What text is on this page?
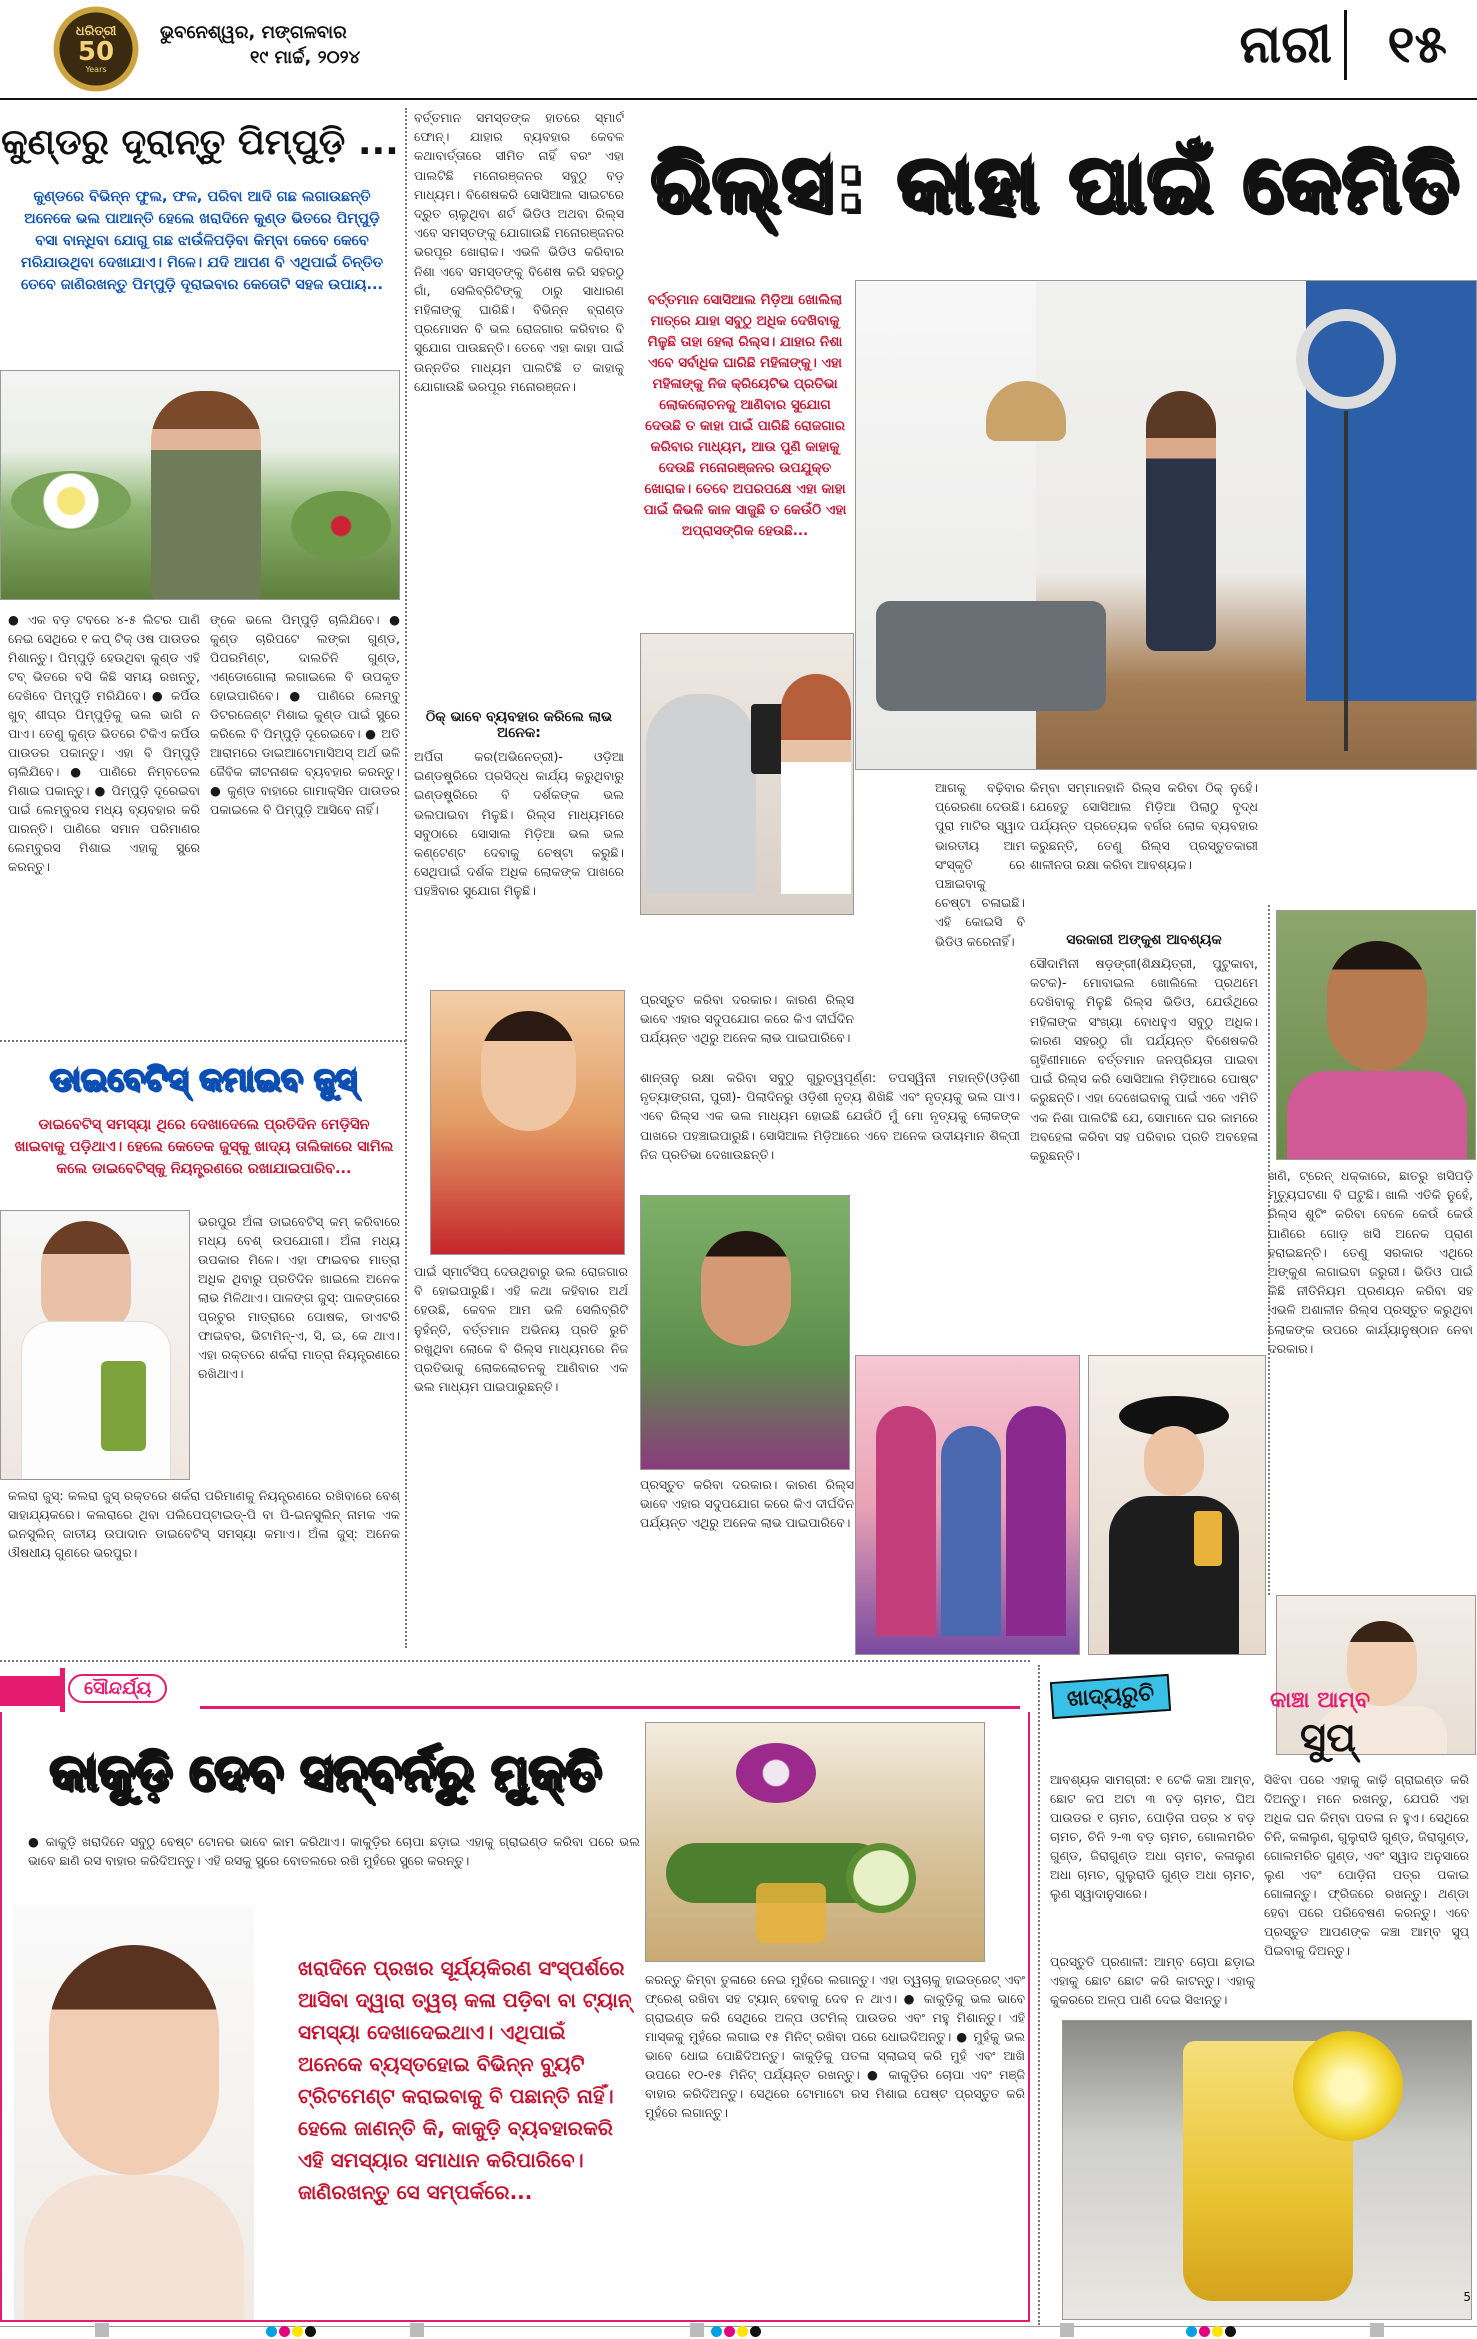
ଧରିତ୍ରୀ
50
Years
ଭୁବନେଶ୍ୱର, ମଙ୍ଗଳବାର
୧୯ ମାର୍ଚ୍ଚ, ୨୦୨୪	ନାରୀ ୧୫
କୁଣ୍ଡରୁ ଦୂରାନ୍ତୁ ପିମ୍ପୁଡ଼ି ...
କୁଣ୍ଡରେ ବିଭିନ୍ନ ଫୁଲ, ଫଳ, ପରିବା ଆଦି ଗଛ ଲଗାଉଛନ୍ତି ଅନେକେ ଭଲ ପାଆନ୍ତି ହେଲେ ଖରାଦିନେ କୁଣ୍ଡ ଭିତରେ ପିମ୍ପୁଡ଼ି ବସା ବାନ୍ଧିବା ଯୋଗୁ ଗଛ ଝାଉଁଳିପଡ଼ିବା କିମ୍ବା କେବେ କେବେ ମରିଯାଉଥିବା ଦେଖାଯାଏ। ମିଳେ। ଯଦି ଆପଣ ବି ଏଥିପାଇଁ ଚିନ୍ତିତ ତେବେ ଜାଣିରଖନ୍ତୁ ପିମ୍ପୁଡ଼ି ଦୂରାଇବାର କେତୋଟି ସହଜ ଉପାୟ...
● ଏକ ବଡ଼ ଟବରେ ୪-୫ ଲିଟର ପାଣି ନେଇ ସେଥିରେ ୧ କପ୍‌ ଟିକ୍‌ ଓଷ ପାଉଡର ମିଶାନ୍ତୁ। ପିମ୍ପୁଡ଼ି ହେଉଥିବା କୁଣ୍ଡ ଏହି ଟବ୍‌ ଭିତରେ ବସି କିଛି ସମୟ ରଖନ୍ତୁ, ଦେଖିବେ ପିମ୍ପୁଡ଼ି ମରିଯିବେ। ● କର୍ପିଉ ଖୁବ୍‌ ଶୀଘ୍ର ପିମ୍ପୁଡ଼ିକୁ ଭଲ ଭାଗି ନ ପାଏ। ତେଣୁ କୁଣ୍ଡ ଭିତରେ ଟିକିଏ କର୍ପିଉ ପାଉଡର ପକାନ୍ତୁ। ଏହା ବି ପିମ୍ପୁଡ଼ି ଚାଲିଯିବେ। ● ପାଣିରେ ନିମ୍ବତେଲ ମିଶାଇ ପକାନ୍ତୁ। ● ପିମ୍ପୁଡ଼ି ଦୂରେଇବା ପାଇଁ ଲେମ୍ବୁରସ ମଧ୍ୟ ବ୍ୟବହାର କରି ପାରନ୍ତି। ପାଣିରେ ସମାନ ପରିମାଣର ଲେମ୍ବୁରସ ମିଶାଇ ଏହାକୁ ସ୍ପ୍ରେ କରନ୍ତୁ।
ଙ୍କେ ଭଲେ ପିମ୍ପୁଡ଼ି ଚାଲିଯିବେ। ● କୁଣ୍ଡ ଚାରିପଟେ ଲଙ୍କା ଗୁଣ୍ଡ, ପିପରମିଣ୍ଟ, ଦାଲଚିନି ଗୁଣ୍ଡ, ଏଣ୍ଡୋଗୋଲା ଲଗାଇଲେ ବି ଉପକୃତ ହୋଇପାରିବେ। ● ପାଣିରେ ଲେମ୍ବୁ ଡିଟରଜେଣ୍ଟ ମିଶାଇ କୁଣ୍ଡ ପାଇଁ ସ୍ପ୍ରେ କରିଲେ ବି ପିମ୍ପୁଡ଼ି ଦୂରେଇବେ। ● ଅତି ଆରାମରେ ଡାଇଆଟୋମାସିଅସ୍‌ ଅର୍ଥ ଭଳି ଜୈବିକ କୀଟନାଶକ ବ୍ୟବହାର କରନ୍ତୁ। ● କୁଣ୍ଡ ବାହାରେ ଗାମାକ୍ସିନ ପାଉଡର ପକାଇଲେ ବି ପିମ୍ପୁଡ଼ି ଆସିବେ ନାହିଁ।
ଡାଇବେଟିସ୍‌ କମାଇବ ଜୁସ୍‌
ଡାଇବେଟିସ୍‌ ସମସ୍ୟା ଥିରେ ଦେଖାଦେଲେ ପ୍ରତିଦିନ ମେଡ଼ିସିନ ଖାଇବାକୁ ପଡ଼ିଥାଏ। ହେଲେ କେତେକ ଜୁସ୍‌କୁ ଖାଦ୍ୟ ତାଲିକାରେ ସାମିଲ କଲେ ଡାଇବେଟିସ୍‌କୁ ନିୟନ୍ତ୍ରଣରେ ରଖାଯାଇପାରିବ...
ଭରପୁର ଅଁଳା ଡାଇବେଟିସ୍‌ କମ୍‌ କରିବାରେ ମଧ୍ୟ ବେଶ୍‌ ଉପଯୋଗୀ। ଅଁଳା ମଧ୍ୟ ଉପକାର ମିଳେ। ଏହା ଫାଇବର ମାତ୍ରା ଅଧିକ ଥିବାରୁ ପ୍ରତିଦିନ ଖାଇଲେ ଅନେକ ଲାଭ ମିଳିଥାଏ। ପାଳଙ୍ଗ ଜୁସ୍‌: ପାଳଙ୍ଗରେ ପ୍ରଚୁର ମାତ୍ରାରେ ପୋଷକ, ଡାଏଟରି ଫାଇବର, ଭିଟାମିନ୍‌-ଏ, ସି, ଇ, କେ ଥାଏ। ଏହା ରକ୍ତରେ ଶର୍କରା ମାତ୍ରା ନିୟନ୍ତ୍ରଣରେ ରଖିଥାଏ।
କଲରା ଜୁସ୍‌: କଲରା ଜୁସ୍‌ ରକ୍ତରେ ଶର୍କରା ପରିମାଣକୁ ନିୟନ୍ତ୍ରଣରେ ରଖିବାରେ ବେଶ୍‌ ସାହାଯ୍ୟକରେ। କଲରାରେ ଥିବା ପଲିପେପ୍‌ଟାଇଡ୍‌-ପି ବା ପି-ଇନସୁଲିନ୍‌ ନାମକ ଏକ ଇନସୁଲିନ୍‌ ଜାତୀୟ ଉପାଦାନ ଡାଇବେଟିସ୍‌ ସମସ୍ୟା କମାଏ। ଅଁଳା ଜୁସ୍‌: ଅନେକ ଔଷଧୀୟ ଗୁଣରେ ଭରପୁର।
ବର୍ତ୍ତମାନ ସମସ୍ତଙ୍କ ହାତରେ ସ୍ମାର୍ଟ ଫୋନ୍‌। ଯାହାର ବ୍ୟବହାର କେବଳ କଥାବାର୍ତ୍ତାରେ ସୀମିତ ନାହିଁ ବରଂ ଏହା ପାଲଟିଛି ମନୋରଞ୍ଜନର ସବୁଠୁ ବଡ଼ ମାଧ୍ୟମ। ବିଶେଷକରି ସୋସିଆଲ ସାଇଟରେ ଦ୍ରୁତ ଚାଲୁଥିବା ଶର୍ଟ ଭିଡିଓ ଅଥବା ରିଲ୍ସ ଏବେ ସମସ୍ତଙ୍କୁ ଯୋଗାଉଛି ମନୋରଞ୍ଜନର ଭରପୂର ଖୋରାକ। ଏଭଳି ଭିଡିଓ କରିବାର ନିଶା ଏବେ ସମସ୍ତଙ୍କୁ ବିଶେଷ କରି ସହରଠୁ ଗାଁ, ସେଲିବ୍ରିଟିଙ୍କୁ ଠାରୁ ସାଧାରଣ ମହିଳାଙ୍କୁ ଘାରିଛି। ବିଭିନ୍ନ ବ୍ରାଣ୍ଡ ପ୍ରମୋସନ ବି ଭଲ ରୋଜଗାର କରିବାର ବି ସୁଯୋଗ ପାଉଛନ୍ତି। ତେବେ ଏହା କାହା ପାଇଁ ଉନ୍ନତିର ମାଧ୍ୟମ ପାଲଟିଛି ତ କାହାକୁ ଯୋଗାଉଛି ଭରପୂର ମନୋରଞ୍ଜନ।
ଠିକ୍‌ ଭାବେ ବ୍ୟବହାର କରିଲେ ଲାଭ ଅନେକ:
ଅର୍ପିତା କର(ଅଭିନେତ୍ରୀ)- ଓଡ଼ିଆ ଇଣ୍ଡଷ୍ଟ୍ରିରେ ପ୍ରସିଦ୍ଧ କାର୍ଯ୍ୟ କରୁଥିବାରୁ ଇଣ୍ଡଷ୍ଟ୍ରିରେ ବି ଦର୍ଶକଙ୍କ ଭଲ ଭଲପାଇବା ମିଳୁଛି। ରିଲ୍ସ ମାଧ୍ୟମରେ ସବୁଠାରେ ସୋସାଲ ମିଡ଼ିଆ ଭଲ ଭଲ କଣ୍ଟେଣ୍ଟ ଦେବାକୁ ଚେଷ୍ଟା କରୁଛି। ସେଥିପାଇଁ ଦର୍ଶକ ଅଧିକ ଲୋକଙ୍କ ପାଖରେ ପହଞ୍ଚିବାର ସୁଯୋଗ ମିଳୁଛି।
ରିଲ୍ସ: କାହା ପାଇଁ କେମିତି
ବର୍ତ୍ତମାନ ସୋସିଆଲ ମିଡ଼ିଆ ଖୋଲିଲା ମାତ୍ରେ ଯାହା ସବୁଠୁ ଅଧିକ ଦେଖିବାକୁ ମିଳୁଛି ତାହା ହେଲା ରିଲ୍ସ। ଯାହାର ନିଶା ଏବେ ସର୍ବାଧିକ ଘାରିଛି ମହିଳାଙ୍କୁ। ଏହା ମହିଳାଙ୍କୁ ନିଜ କ୍ରିୟେଟିଭ ପ୍ରତିଭା ଲୋକଲୋଚନକୁ ଆଣିବାର ସୁଯୋଗ ଦେଉଛି ତ କାହା ପାଇଁ ପାରିଛି ରୋଜଗାର କରିବାର ମାଧ୍ୟମ, ଆଉ ପୁଣି କାହାକୁ ଦେଉଛି ମନୋରଞ୍ଜନର ଉପଯୁକ୍ତ ଖୋରାକ। ତେବେ ଅପରପକ୍ଷେ ଏହା କାହା ପାଇଁ କିଭଳି କାଳ ସାଜୁଛି ତ କେଉଁଠି ଏହା ଅପ୍ରାସଙ୍ଗିକ ହେଉଛି...
ପାଇଁ ସ୍ମାର୍ଟସିପ୍‌ ଦେଉଥିବାରୁ ଭଲ ରୋଜଗାର ବି ହୋଇପାରୁଛି। ଏହି କଥା କହିବାର ଅର୍ଥ ହେଉଛି, କେବଳ ଆମ ଭଳି ସେଲିବ୍ରିଟି ନୁହଁନ୍ତି, ବର୍ତ୍ତମାନ ଅଭିନୟ ପ୍ରତି ରୁଚି ରଖୁଥିବା ଲୋକେ ବି ରିଲ୍ସ ମାଧ୍ୟମରେ ନିଜ ପ୍ରତିଭାକୁ ଲୋକଲୋଚନକୁ ଆଣିବାର ଏକ ଭଲ ମାଧ୍ୟମ ପାଇପାରୁଛନ୍ତି।
ଆଗକୁ ବଢ଼ିବାର ପ୍ରେରଣା ଦେଉଛି। ପୁରା ମାଟିର ସ୍ୱାଦ ଭାରତୀୟ ଆମ ସଂସ୍କୃତି ରେ ପଞ୍ଚାଇବାକୁ ଚେଷ୍ଟା ଚଳାଇଛି। ଏହି କୋଇସି ବି ଭିଡିଓ କରେନାହିଁ।
କିମ୍ବା ସମ୍ମାନହାନି ରିଲ୍ସ କରିବା ଠିକ୍‌ ନୁହେଁ। ଯେହେତୁ ସୋସିଆଲ ମିଡ଼ିଆ ପିଲାଠୁ ବୃଦ୍ଧ ପର୍ଯ୍ୟନ୍ତ ପ୍ରତ୍ୟେକ ବର୍ଗର ଲୋକ ବ୍ୟବହାର କରୁଛନ୍ତି, ତେଣୁ ରିଲ୍ସ ପ୍ରସ୍ତୁତକାରୀ ଶାଳୀନତା ରକ୍ଷା କରିବା ଆବଶ୍ୟକ।
ସରକାରୀ ଅଙ୍କୁଶ ଆବଶ୍ୟକ
ସୌଦାମିନୀ ଷଡ଼ଙ୍ଗୀ(ଶିକ୍ଷୟିତ୍ରୀ, ପୁଟୁକାବା, କଟକ)- ମୋବାଇଲ ଖୋଲିଲେ ପ୍ରଥମେ ଦେଖିବାକୁ ମିଳୁଛି ରିଲ୍ସ ଭିଡିଓ, ଯେଉଁଥିରେ ମହିଳାଙ୍କ ସଂଖ୍ୟା ବୋଧହୁଏ ସବୁଠୁ ଅଧିକ। କାରଣ ସହରଠୁ ଗାଁ ପର୍ଯ୍ୟନ୍ତ ବିଶେଷକରି ଗୃହିଣୀମାନେ ବର୍ତ୍ତମାନ ଜନପ୍ରିୟତା ପାଇବା ପାଇଁ ରିଲ୍ସ କରି ସୋସିଆଲ ମିଡ଼ିଆରେ ପୋଷ୍ଟ କରୁଛନ୍ତି। ଏହା ଦେଖେଇବାକୁ ପାଇଁ ଏବେ ଏମିତି ଏକ ନିଶା ପାଲଟିଛି ଯେ, ସୋମାନେ ଘର କାମରେ ଅବହେଳା କରିବା ସହ ପରିବାର ପ୍ରତି ଅବହେଳା କରୁଛନ୍ତି।
ପ୍ରସ୍ତୁତ କରିବା ଦରକାର। କାରଣ ରିଲ୍ସ ଭାବେ ଏହାର ସଦୁପଯୋଗ କରେ କିଏ ଦୀର୍ଘଦିନ ପର୍ଯ୍ୟନ୍ତ ଏଥିରୁ ଅନେକ ଲାଭ ପାଇପାରିବେ।
ଶାନ୍ତାନୁ ରକ୍ଷା କରିବା ସବୁଠୁ ଗୁରୁତ୍ୱପୂର୍ଣ୍ଣ: ତପସ୍ୱିନୀ ମହାନ୍ତି(ଓଡ଼ିଶୀ ନୃତ୍ୟାଙ୍ଗନା, ପୁରୀ)- ପିଲାଦିନରୁ ଓଡ଼ିଶୀ ନୃତ୍ୟ ଶିଖିଛି ଏବଂ ନୃତ୍ୟକୁ ଭଲ ପାଏ। ଏବେ ରିଲ୍ସ ଏକ ଭଲ ମାଧ୍ୟମ ହୋଇଛି ଯେଉଁଠି ମୁଁ ମୋ ନୃତ୍ୟକୁ ଲୋକଙ୍କ ପାଖରେ ପହଞ୍ଚାଇପାରୁଛି। ସୋସିଆଲ ମିଡ଼ିଆରେ ଏବେ ଅନେକ ଉଦୀୟମାନ ଶିଳ୍ପୀ ନିଜ ପ୍ରତିଭା ଦେଖାଉଛନ୍ତି।
ପ୍ରସ୍ତୁତ କରିବା ଦରକାର। କାରଣ ରିଲ୍ସ ଭାବେ ଏହାର ସଦୁପଯୋଗ କରେ କିଏ ଦୀର୍ଘଦିନ ପର୍ଯ୍ୟନ୍ତ ଏଥିରୁ ଅନେକ ଲାଭ ପାଇପାରିବେ।
ଖଣି, ଟ୍ରେନ୍‌ ଧକ୍କାରେ, ଛାତରୁ ଖସିପଡ଼ି ମୃତ୍ୟୁଘଟଣା ବି ଘଟୁଛି। ଖାଲି ଏତିକି ନୁହେଁ, ରିଲ୍ସ ଶୁଟିଂ କରିବା ବେଳେ କେଉଁ କେଉଁ ପାଣିରେ ଗୋଡ଼ ଖସି ଅନେକ ପ୍ରାଣ ହରାଇଛନ୍ତି। ତେଣୁ ସରକାର ଏଥିରେ ଅଙ୍କୁଶ ଲଗାଇବା ଜରୁରୀ। ଭିଡିଓ ପାଇଁ କିଛି ନୀତିନିୟମ ପ୍ରଣୟନ କରିବା ସହ ଏଭଳି ଅଶାଳୀନ ରିଲ୍ସ ପ୍ରସ୍ତୁତ କରୁଥିବା ଲୋକଙ୍କ ଉପରେ କାର୍ଯ୍ୟାନୁଷ୍ଠାନ ନେବା ଦରକାର।
ସୌନ୍ଦର୍ଯ୍ୟ
କାକୁଡ଼ି ଦେବ ସନ୍‌ବର୍ନରୁ ମୁକ୍ତି
● କାକୁଡ଼ି ଖରାଦିନେ ସବୁଠୁ ବେଷ୍ଟ ଟୋନର ଭାବେ କାମ କରିଥାଏ। କାକୁଡ଼ିର ଚୋପା ଛଡ଼ାଇ ଏହାକୁ ଗ୍ରାଇଣ୍ଡ କରିବା ପରେ ଭଲ ଭାବେ ଛାଣି ରସ ବାହାର କରିଦିଅନ୍ତୁ। ଏହି ରସକୁ ସ୍ପ୍ରେ ବୋତଲରେ ରଖି ମୁହଁରେ ସ୍ପ୍ରେ କରନ୍ତୁ।
ଖରାଦିନେ ପ୍ରଖର ସୂର୍ଯ୍ୟକିରଣ ସଂସ୍ପର୍ଶରେ ଆସିବା ଦ୍ୱାରା ତ୍ୱଚା କଳା ପଡ଼ିବା ବା ଟ୍ୟାନ୍‌ ସମସ୍ୟା ଦେଖାଦେଇଥାଏ। ଏଥିପାଇଁ ଅନେକେ ବ୍ୟସ୍ତହୋଇ ବିଭିନ୍ନ ବ୍ୟୁଟି ଟ୍ରିଟମେଣ୍ଟ କରାଇବାକୁ ବି ପଛାନ୍ତି ନାହିଁ। ହେଲେ ଜାଣନ୍ତି କି, କାକୁଡ଼ି ବ୍ୟବହାରକରି ଏହି ସମସ୍ୟାର ସମାଧାନ କରିପାରିବେ। ଜାଣିରଖନ୍ତୁ ସେ ସମ୍ପର୍କରେ...
କରନ୍ତୁ କିମ୍ବା ତୁଳାରେ ନେଇ ମୁହଁରେ ଲଗାନ୍ତୁ। ଏହା ତ୍ୱଚାକୁ ହାଇଡ୍ରେଟ୍‌ ଏବଂ ଫ୍ରେଶ୍‌ ରଖିବା ସହ ଟ୍ୟାନ୍‌ ହେବାକୁ ଦେବ ନ ଥାଏ। ● କାକୁଡ଼ିକୁ ଭଲ ଭାବେ ଗ୍ରାଇଣ୍ଡ କରି ସେଥିରେ ଅଳ୍ପ ଓଟମିଲ୍‌ ପାଉଡର ଏବଂ ମହୁ ମିଶାନ୍ତୁ। ଏହି ମାସ୍କକୁ ମୁହଁରେ ଲଗାଇ ୧୫ ମିନିଟ୍‌ ରଖିବା ପରେ ଧୋଇଦିଅନ୍ତୁ। ● ମୁହଁକୁ ଭଲ ଭାବେ ଧୋଇ ପୋଛିଦିଅନ୍ତୁ। କାକୁଡ଼ିକୁ ପତଳା ସ୍ଲାଇସ୍‌ କରି ମୁହଁ ଏବଂ ଆଖି ଉପରେ ୧୦-୧୫ ମିନିଟ୍‌ ପର୍ଯ୍ୟନ୍ତ ରଖନ୍ତୁ। ● କାକୁଡ଼ିର ଚୋପା ଏବଂ ମଞ୍ଜି ବାହାର କରିଦିଅନ୍ତୁ। ସେଥିରେ ଟୋମାଟୋ ରସ ମିଶାଇ ପେଷ୍ଟ ପ୍ରସ୍ତୁତ କରି ମୁହଁରେ ଲଗାନ୍ତୁ।
ଖାଦ୍ୟରୁଚି	କାଞ୍ଚା ଆମ୍ବ
ସୁପ୍‌
ଆବଶ୍ୟକ ସାମଗ୍ରୀ: ୧ ଟେକି କଞ୍ଚା ଆମ୍ବ, ଛୋଟ କପ ଅଟା ୩ ବଡ଼ ଚାମଚ, ଘିଅ ପାଉଡର ୧ ଚାମଚ, ପୋଡ଼ିନା ପତ୍ର ୪ ବଡ଼ ଚାମଚ, ଚିନି ୨-୩ ବଡ଼ ଚାମଚ, ଗୋଲମରିଚ ଗୁଣ୍ଡ, ଜିରାଗୁଣ୍ଡ ଅଧା ଚାମଚ, କଳାଲୁଣ ଅଧା ଚାମଚ, ଗୁଲୁରାଡି ଗୁଣ୍ଡ ଅଧା ଚାମଚ, ଲୁଣ ସ୍ୱାଦାନୁସାରେ।
ପ୍ରସ୍ତୁତି ପ୍ରଣାଳୀ: ଆମ୍ବ ଚୋପା ଛଡ଼ାଇ ଏହାକୁ ଛୋଟ ଛୋଟ କରି କାଟନ୍ତୁ। ଏହାକୁ କୁକରରେ ଅଳ୍ପ ପାଣି ଦେଇ ସିଝାନ୍ତୁ।
ସିଝିବା ପରେ ଏହାକୁ କାଢ଼ି ଗ୍ରାଇଣ୍ଡ କରି ଦିଅନ୍ତୁ। ମନେ ରଖନ୍ତୁ, ଯେପରି ଏହା ଅଧିକ ଘନ କିମ୍ବା ପତଳା ନ ହୁଏ। ସେଥିରେ ଚିନି, କଳାଲୁଣ, ଗୁଲୁରାଡି ଗୁଣ୍ଡ, ଜିରାଗୁଣ୍ଡ, ଗୋଲମରିଚ ଗୁଣ୍ଡ, ଏବଂ ସ୍ୱାଦ ଅନୁସାରେ ଲୁଣ ଏବଂ ପୋଡ଼ିନା ପତ୍ର ପକାଇ ଗୋଳାନ୍ତୁ। ଫ୍ରିଜରେ ରଖନ୍ତୁ। ଥଣ୍ଡା ହେବା ପରେ ପରିବେଷଣ କରନ୍ତୁ। ଏବେ ପ୍ରସ୍ତୁତ ଆପଣଙ୍କ କଞ୍ଚା ଆମ୍ବ ସୁପ୍‌ ପିଇବାକୁ ଦିଅନ୍ତୁ।
5
